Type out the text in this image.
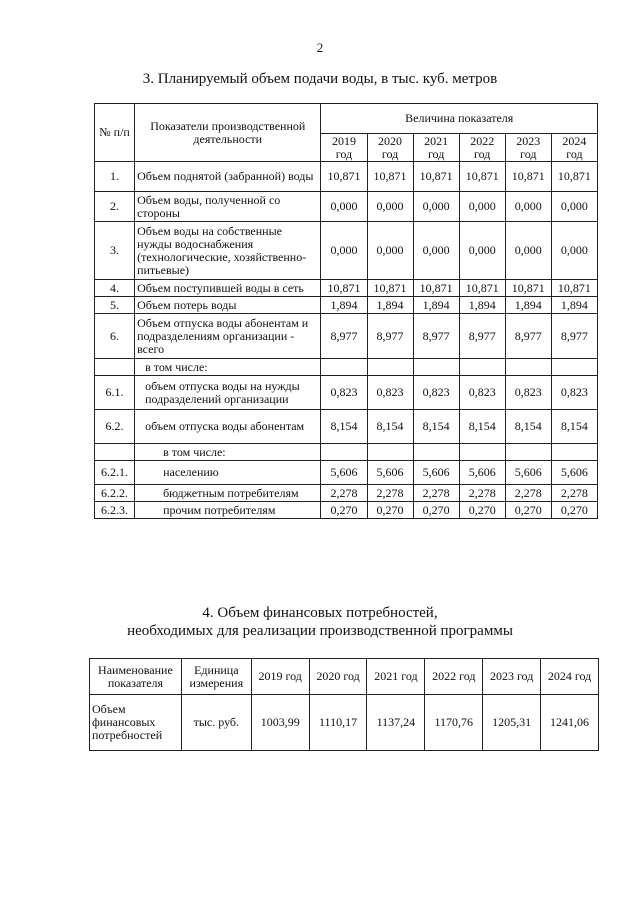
2
3. Планируемый объем подачи воды, в тыс. куб. метров
№ п/п	Показатели производственной деятельности	Величина показателя					
		2019 год	2020 год	2021 год	2022 год	2023 год	2024 год
1.	Объем поднятой (забранной) воды	10,871	10,871	10,871	10,871	10,871	10,871
2.	Объем воды, полученной со стороны	0,000	0,000	0,000	0,000	0,000	0,000
3.	Объем воды на собственные нужды водоснабжения (технологические, хозяйственно-питьевые)	0,000	0,000	0,000	0,000	0,000	0,000
4.	Объем поступившей воды в сеть	10,871	10,871	10,871	10,871	10,871	10,871
5.	Объем потерь воды	1,894	1,894	1,894	1,894	1,894	1,894
6.	Объем отпуска воды абонентам и подразделениям организации - всего	8,977	8,977	8,977	8,977	8,977	8,977
	в том числе:						
6.1.	объем отпуска воды на нужды подразделений организации	0,823	0,823	0,823	0,823	0,823	0,823
6.2.	объем отпуска воды абонентам	8,154	8,154	8,154	8,154	8,154	8,154
	в том числе:						
6.2.1.	населению	5,606	5,606	5,606	5,606	5,606	5,606
6.2.2.	бюджетным потребителям	2,278	2,278	2,278	2,278	2,278	2,278
6.2.3.	прочим потребителям	0,270	0,270	0,270	0,270	0,270	0,270
4. Объем финансовых потребностей,
необходимых для реализации производственной программы
Наименование показателя	Единица измерения	2019 год	2020 год	2021 год	2022 год	2023 год	2024 год
Объем финансовых потребностей	тыс. руб.	1003,99	1110,17	1137,24	1170,76	1205,31	1241,06
